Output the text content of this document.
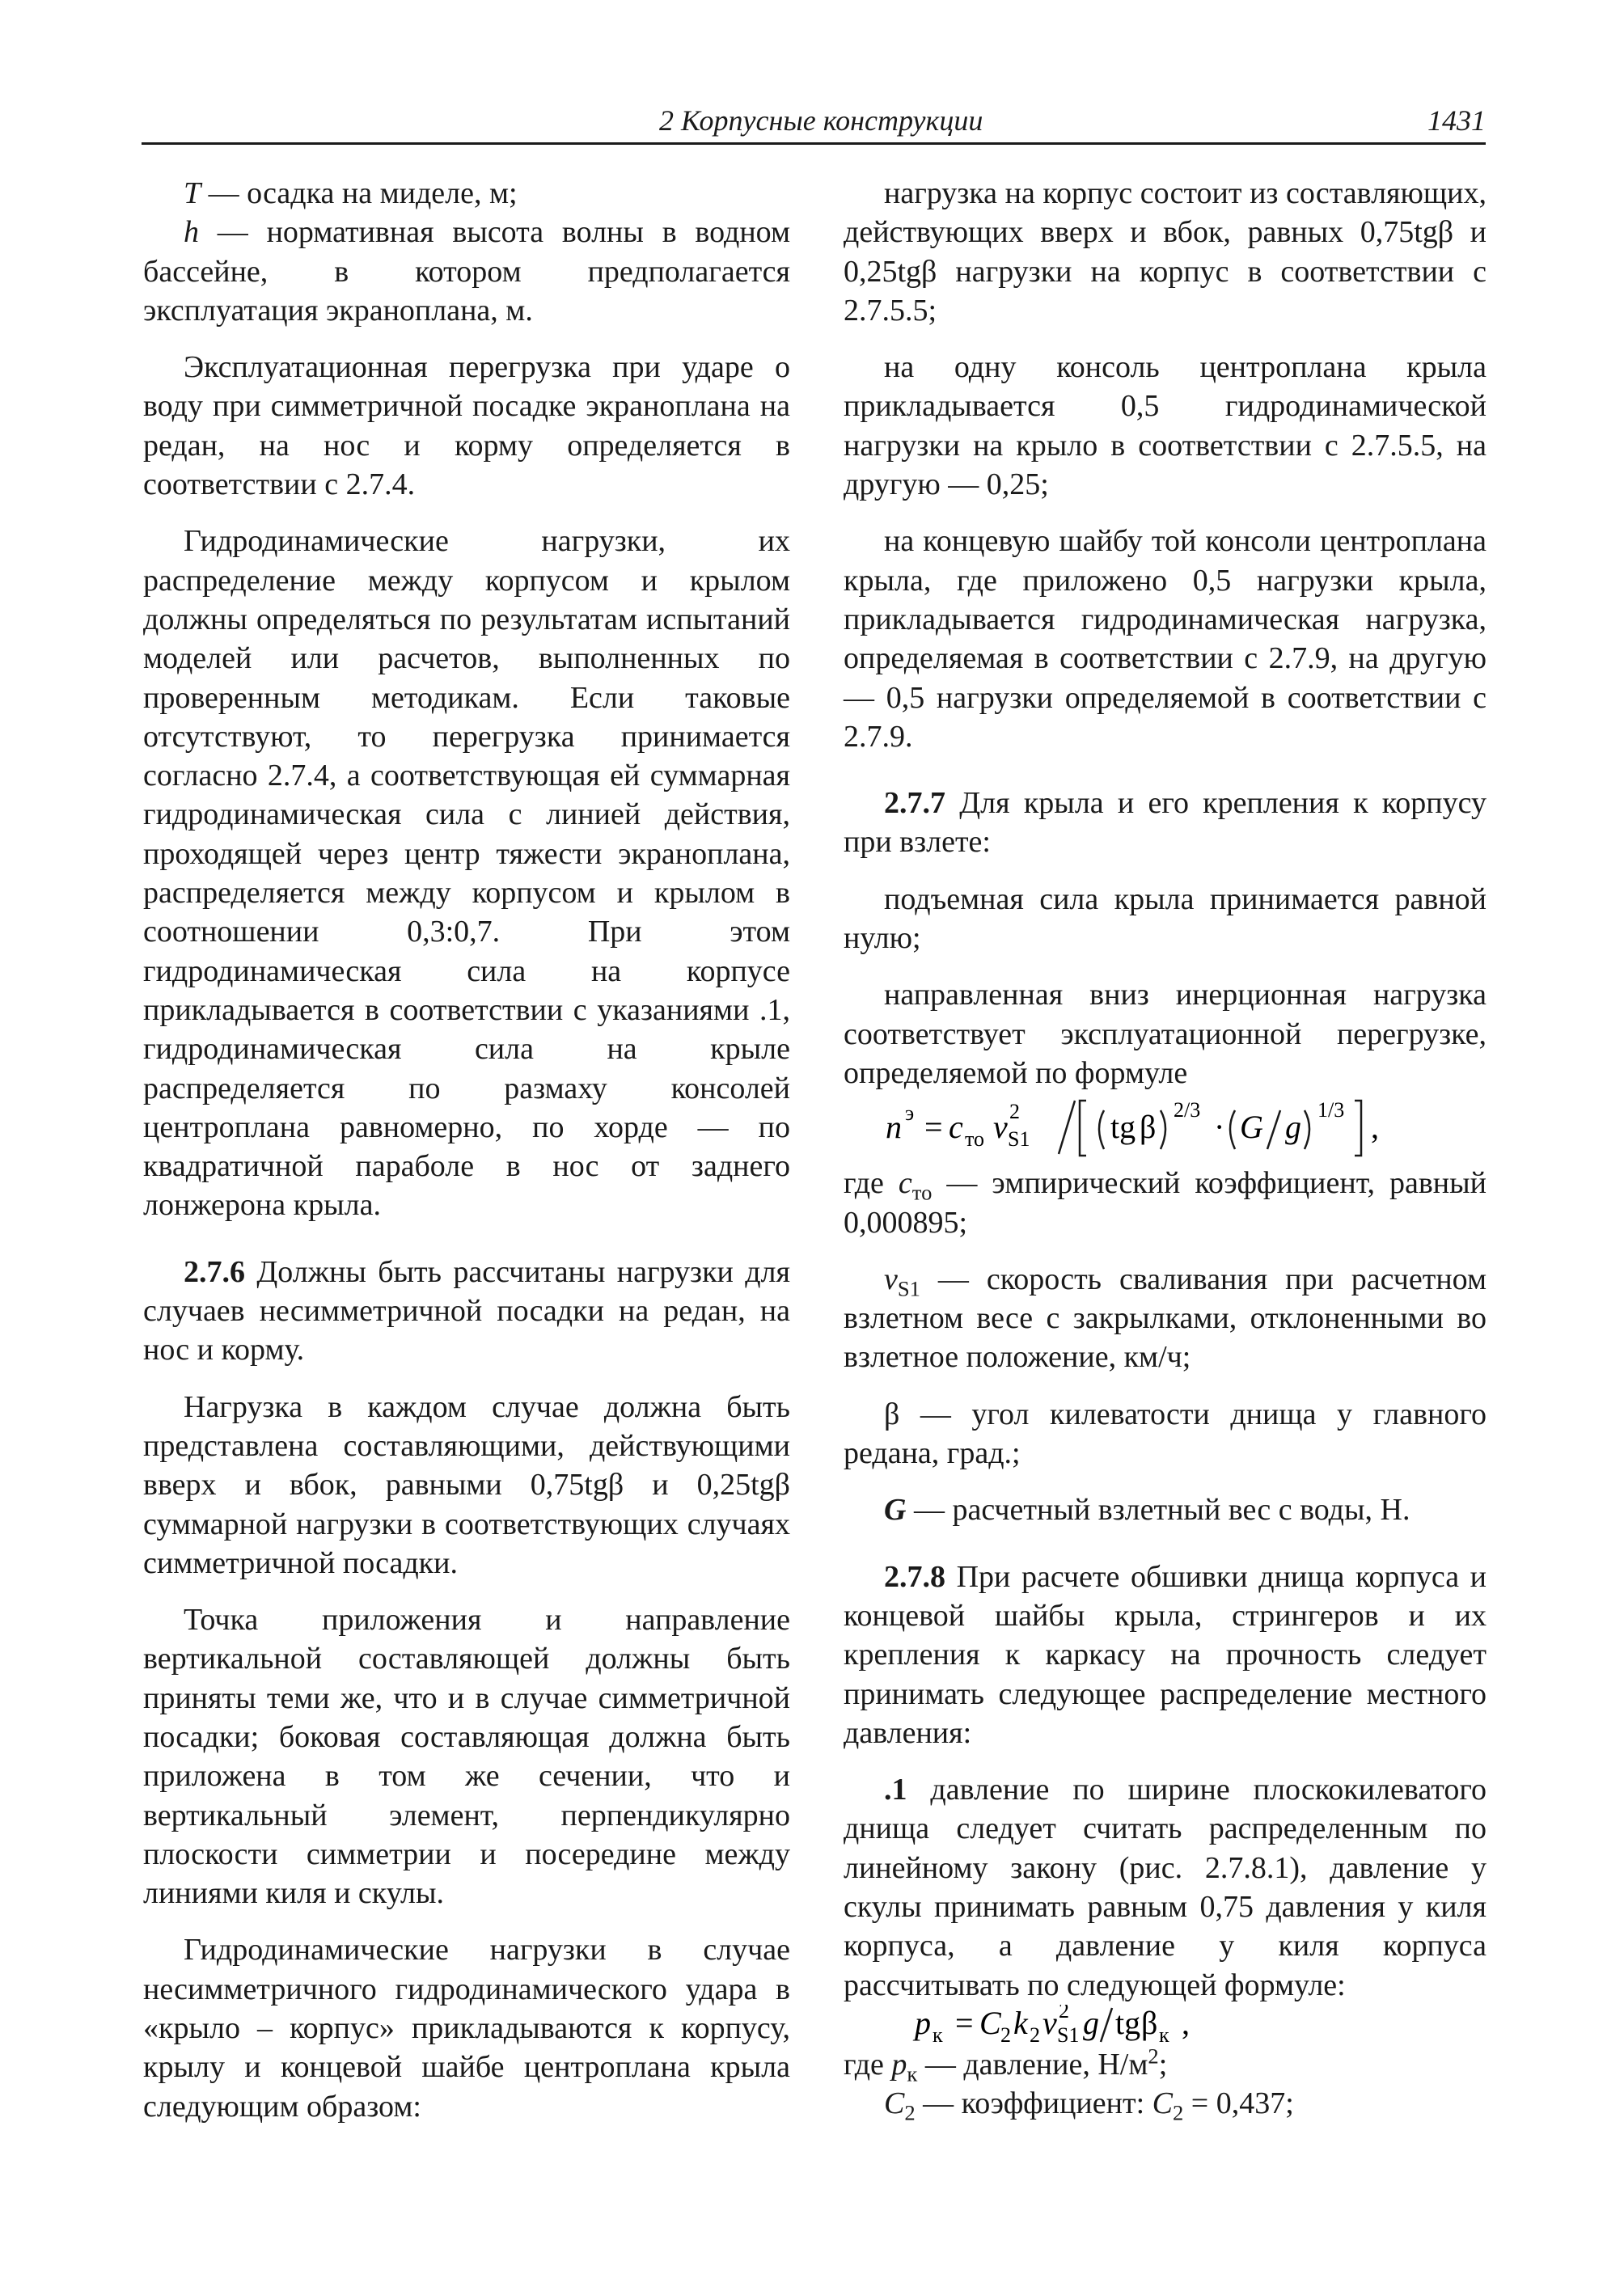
2 Корпусные конструкции	1431

T — осадка на миделе, м;

h — нормативная высота волны в водном бассейне, в котором предполагается эксплуатация экраноплана, м.

Эксплуатационная перегрузка при ударе о воду при симметричной посадке экраноплана на редан, на нос и корму определяется в соответствии с 2.7.4.

Гидродинамические нагрузки, их распределение между корпусом и крылом должны определяться по результатам испытаний моделей или расчетов, выполненных по проверенным методикам. Если таковые отсутствуют, то перегрузка принимается согласно 2.7.4, а соответствующая ей суммарная гидродинамическая сила с линией действия, проходящей через центр тяжести экраноплана, распределяется между корпусом и крылом в соотношении 0,3:0,7. При этом гидродинамическая сила на корпусе прикладывается в соответствии с указаниями .1, гидродинамическая сила на крыле распределяется по размаху консолей центроплана равномерно, по хорде — по квадратичной параболе в нос от заднего лонжерона крыла.

2.7.6 Должны быть рассчитаны нагрузки для случаев несимметричной посадки на редан, на нос и корму.

Нагрузка в каждом случае должна быть представлена составляющими, действующими вверх и вбок, равными 0,75tgβ и 0,25tgβ суммарной нагрузки в соответствующих случаях симметричной посадки.

Точка приложения и направление вертикальной составляющей должны быть приняты теми же, что и в случае симметричной посадки; боковая составляющая должна быть приложена в том же сечении, что и вертикальный элемент, перпендикулярно плоскости симметрии и посередине между линиями киля и скулы.

Гидродинамические нагрузки в случае несимметричного гидродинамического удара в «крыло – корпус» прикладываются к корпусу, крылу и концевой шайбе центроплана крыла следующим образом:

нагрузка на корпус состоит из составляющих, действующих вверх и вбок, равных 0,75tgβ и 0,25tgβ нагрузки на корпус в соответствии с 2.7.5.5;

на одну консоль центроплана крыла прикладывается 0,5 гидродинамической нагрузки на крыло в соответствии с 2.7.5.5, на другую — 0,25;

на концевую шайбу той консоли центроплана крыла, где приложено 0,5 нагрузки крыла, прикладывается гидродинамическая нагрузка, определяемая в соответствии с 2.7.9, на другую — 0,5 нагрузки определяемой в соответствии с 2.7.9.

2.7.7 Для крыла и его крепления к корпусу при взлете:

подъемная сила крыла принимается равной нулю;

направленная вниз инерционная нагрузка соответствует эксплуатационной перегрузке, определяемой по формуле

n э = c то v 2
S1 tg β 2/3 · G g 1/3 ,

где $c_{то}$ — эмпирический коэффициент, равный 0,000895;

$v_{S1}$ — скорость сваливания при расчетном взлетном весе с закрылками, отклоненными во взлетное положение, км/ч;

β — угол килеватости днища у главного редана, град.;

G — расчетный взлетный вес с воды, Н.

2.7.8 При расчете обшивки днища корпуса и концевой шайбы крыла, стрингеров и их крепления к каркасу на прочность следует принимать следующее распределение местного давления:

.1 давление по ширине плоскокилеватого днища следует считать распределенным по линейному закону (рис. 2.7.8.1), давление у скулы принимать равным 0,75 давления у киля корпуса, а давление у киля корпуса рассчитывать по следующей формуле:

p к = C 2 k 2 v 2
S1 g tg β к ,

где $p_к$ — давление, $Н/м^2$;

$C_2$ — коэффициент: $C_2 = 0,437$;
